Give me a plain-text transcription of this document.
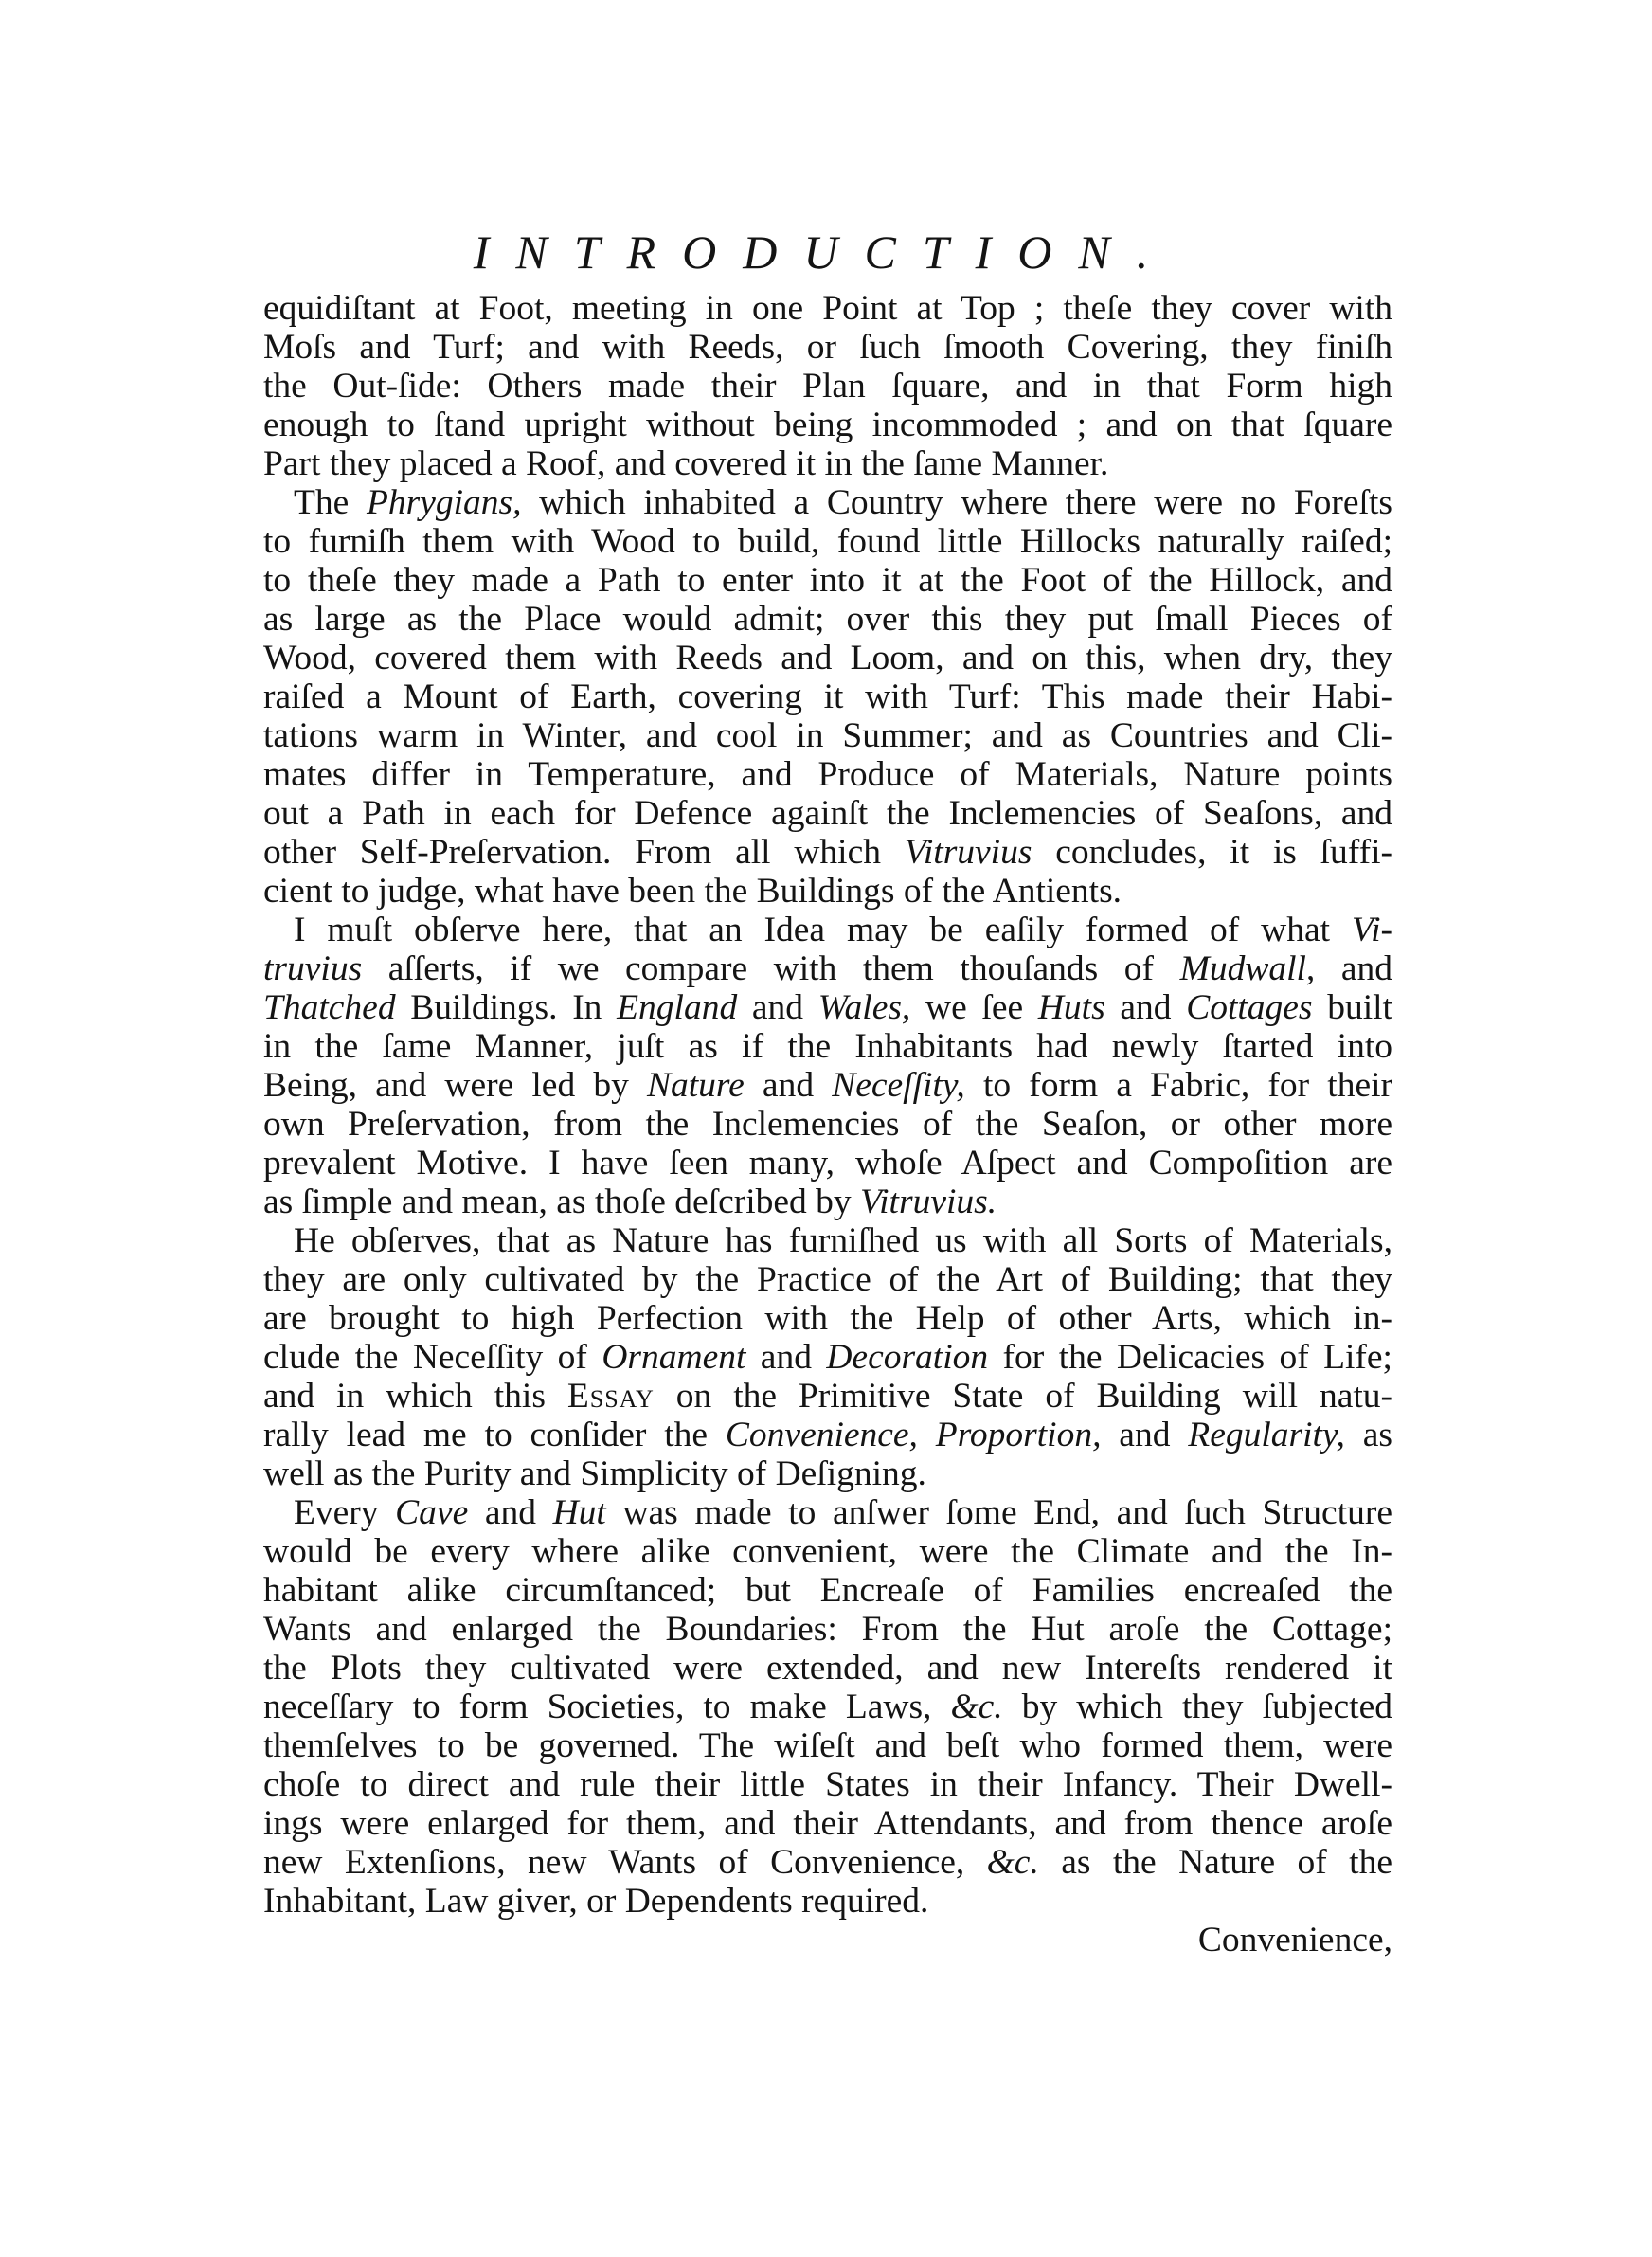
INTRODUCTION.
equidiſtant at Foot, meeting in one Point at Top ; theſe they cover with
Moſs and Turf; and with Reeds, or ſuch ſmooth Covering, they finiſh
the Out-ſide: Others made their Plan ſquare, and in that Form high
enough to ſtand upright without being incommoded ; and on that ſquare
Part they placed a Roof, and covered it in the ſame Manner.
The Phrygians, which inhabited a Country where there were no Foreſts
to furniſh them with Wood to build, found little Hillocks naturally raiſed;
to theſe they made a Path to enter into it at the Foot of the Hillock, and
as large as the Place would admit; over this they put ſmall Pieces of
Wood, covered them with Reeds and Loom, and on this, when dry, they
raiſed a Mount of Earth, covering it with Turf: This made their Habi-
tations warm in Winter, and cool in Summer; and as Countries and Cli-
mates differ in Temperature, and Produce of Materials, Nature points
out a Path in each for Defence againſt the Inclemencies of Seaſons, and
other Self-Preſervation. From all which Vitruvius concludes, it is ſuffi-
cient to judge, what have been the Buildings of the Antients.
I muſt obſerve here, that an Idea may be eaſily formed of what Vi-
truvius aſſerts, if we compare with them thouſands of Mudwall, and
Thatched Buildings. In England and Wales, we ſee Huts and Cottages built
in the ſame Manner, juſt as if the Inhabitants had newly ſtarted into
Being, and were led by Nature and Neceſſity, to form a Fabric, for their
own Preſervation, from the Inclemencies of the Seaſon, or other more
prevalent Motive. I have ſeen many, whoſe Aſpect and Compoſition are
as ſimple and mean, as thoſe deſcribed by Vitruvius.
He obſerves, that as Nature has furniſhed us with all Sorts of Materials,
they are only cultivated by the Practice of the Art of Building; that they
are brought to high Perfection with the Help of other Arts, which in-
clude the Neceſſity of Ornament and Decoration for the Delicacies of Life;
and in which this Essay on the Primitive State of Building will natu-
rally lead me to conſider the Convenience, Proportion, and Regularity, as
well as the Purity and Simplicity of Deſigning.
Every Cave and Hut was made to anſwer ſome End, and ſuch Structure
would be every where alike convenient, were the Climate and the In-
habitant alike circumſtanced; but Encreaſe of Families encreaſed the
Wants and enlarged the Boundaries: From the Hut aroſe the Cottage;
the Plots they cultivated were extended, and new Intereſts rendered it
neceſſary to form Societies, to make Laws, &c. by which they ſubjected
themſelves to be governed. The wiſeſt and beſt who formed them, were
choſe to direct and rule their little States in their Infancy. Their Dwell-
ings were enlarged for them, and their Attendants, and from thence aroſe
new Extenſions, new Wants of Convenience, &c. as the Nature of the
Inhabitant, Law giver, or Dependents required.
Convenience,
